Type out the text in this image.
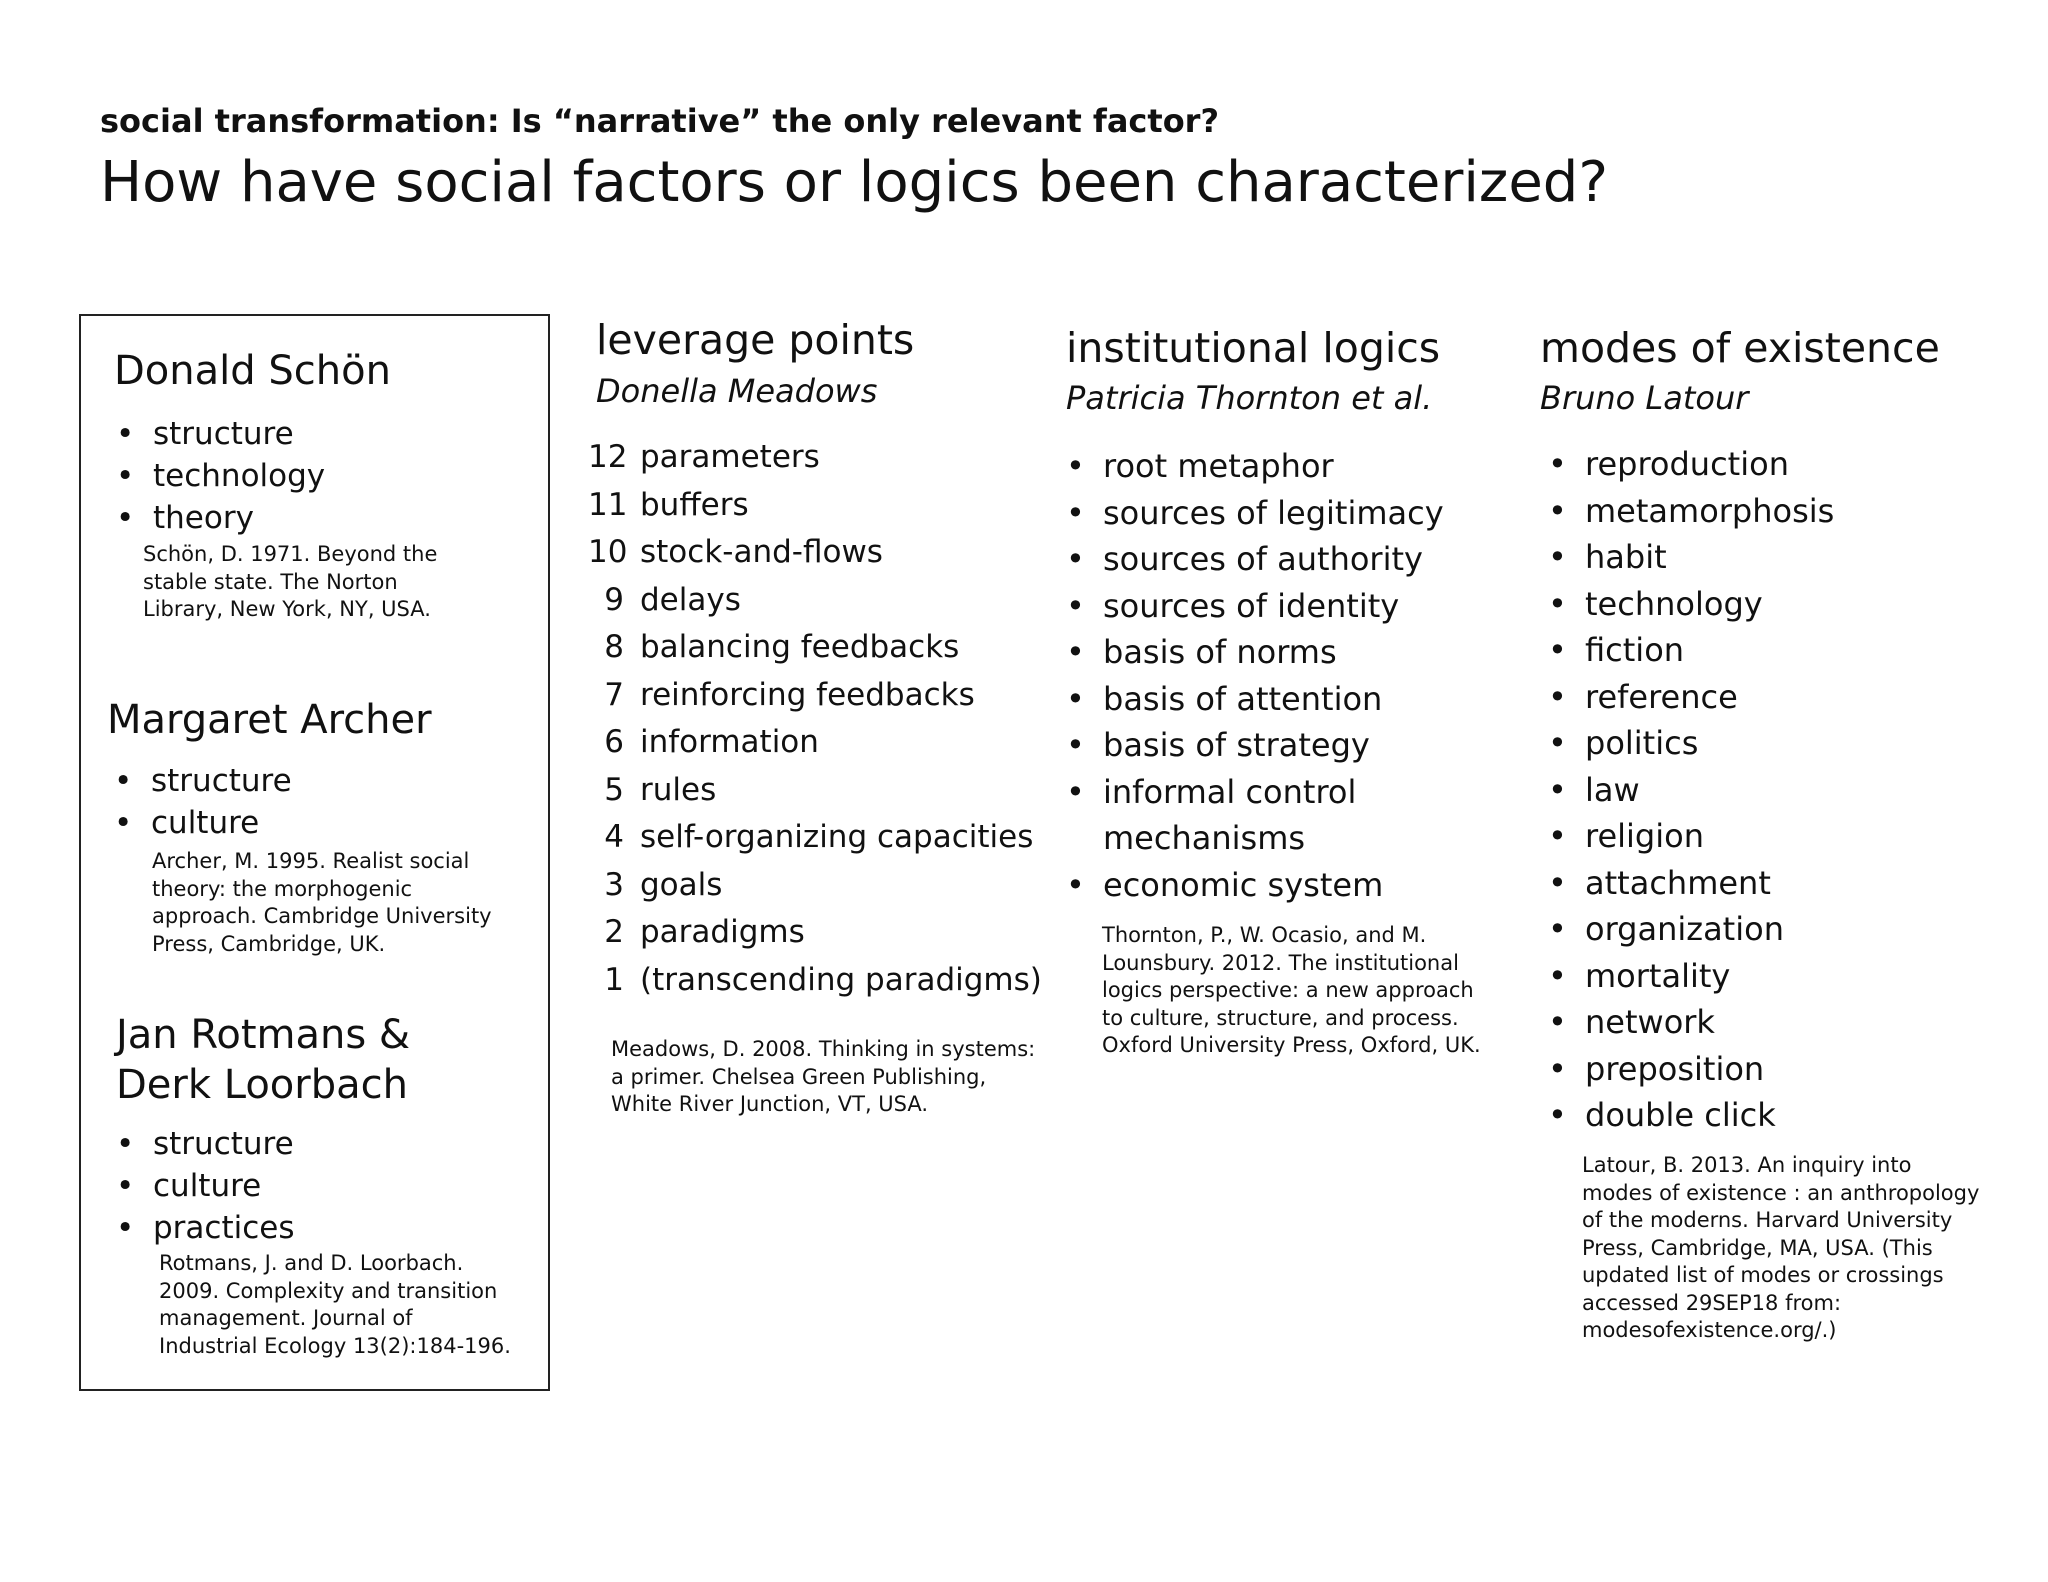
social transformation: Is “narrative” the only relevant factor?
How have social factors or logics been characterized?
Donald Schön
• structure
• technology
• theory
Schön, D. 1971. Beyond the
stable state. The Norton
Library, New York, NY, USA.
Margaret Archer
• structure
• culture
Archer, M. 1995. Realist social
theory: the morphogenic
approach. Cambridge University
Press, Cambridge, UK.
Jan Rotmans &
Derk Loorbach
• structure
• culture
• practices
Rotmans, J. and D. Loorbach.
2009. Complexity and transition
management. Journal of
Industrial Ecology 13(2):184-196.
leverage points
Donella Meadows
12 parameters
11 buffers
10 stock-and-flows
9 delays
8 balancing feedbacks
7 reinforcing feedbacks
6 information
5 rules
4 self-organizing capacities
3 goals
2 paradigms
1 (transcending paradigms)
Meadows, D. 2008. Thinking in systems:
a primer. Chelsea Green Publishing,
White River Junction, VT, USA.
institutional logics
Patricia Thornton et al.
• root metaphor
• sources of legitimacy
• sources of authority
• sources of identity
• basis of norms
• basis of attention
• basis of strategy
• informal control mechanisms
• economic system
Thornton, P., W. Ocasio, and M.
Lounsbury. 2012. The institutional
logics perspective: a new approach
to culture, structure, and process.
Oxford University Press, Oxford, UK.
modes of existence
Bruno Latour
• reproduction
• metamorphosis
• habit
• technology
• fiction
• reference
• politics
• law
• religion
• attachment
• organization
• mortality
• network
• preposition
• double click
Latour, B. 2013. An inquiry into
modes of existence : an anthropology
of the moderns. Harvard University
Press, Cambridge, MA, USA. (This
updated list of modes or crossings
accessed 29SEP18 from:
modesofexistence.org/.)
